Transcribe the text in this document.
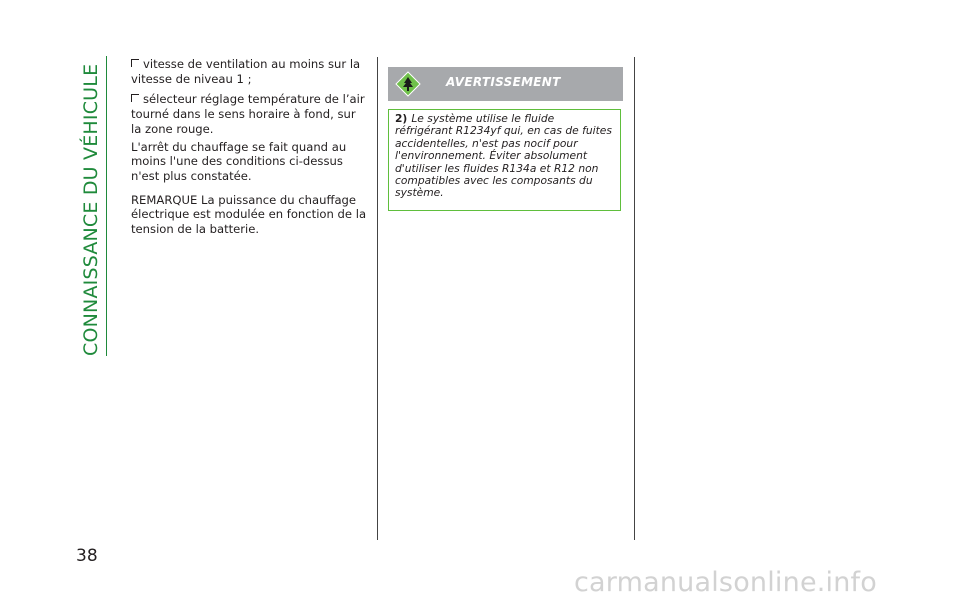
CONNAISSANCE DU VÉHICULE
38

vitesse de ventilation au moins sur la vitesse de niveau 1 ;

sélecteur réglage température de l’air tourné dans le sens horaire à fond, sur la zone rouge.

L'arrêt du chauffage se fait quand au moins l'une des conditions ci-dessus n'est plus constatée.

REMARQUE La puissance du chauffage électrique est modulée en fonction de la tension de la batterie.

AVERTISSEMENT
2) Le système utilise le fluide réfrigérant R1234yf qui, en cas de fuites accidentelles, n'est pas nocif pour l'environnement. Éviter absolument d'utiliser les fluides R134a et R12 non compatibles avec les composants du système.
carmanualsonline.info
